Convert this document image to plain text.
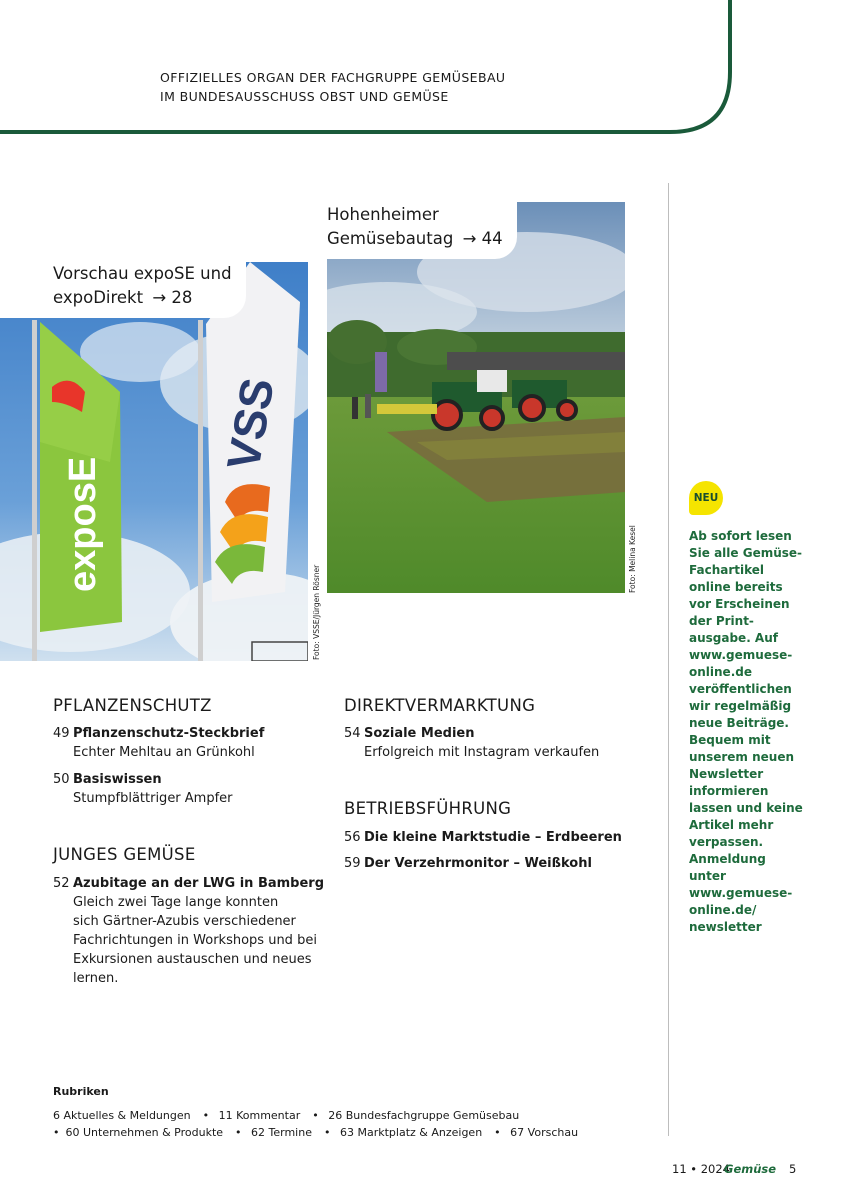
OFFIZIELLES ORGAN DER FACHGRUPPE GEMÜSEBAU
IM BUNDESAUSSCHUSS OBST UND GEMÜSE
exposE
VSS
Vorschau expoSE und
expoDirekt → 28
Foto: VSSE/Jürgen Rösner
Hohenheimer
Gemüsebautag → 44
Foto: Melina Kesel
PFLANZENSCHUTZ
49 Pflanzenschutz-Steckbrief
Echter Mehltau an Grünkohl
50 Basiswissen
Stumpfblättriger Ampfer
JUNGES GEMÜSE
52 Azubitage an der LWG in Bamberg
Gleich zwei Tage lange konnten
sich Gärtner-Azubis verschiedener
Fachrichtungen in Workshops und bei
Exkursionen austauschen und neues
lernen.
DIREKTVERMARKTUNG
54 Soziale Medien
Erfolgreich mit Instagram verkaufen
BETRIEBSFÜHRUNG
56 Die kleine Marktstudie – Erdbeeren
59 Der Verzehrmonitor – Weißkohl
NEU
Ab sofort lesen
Sie alle Gemüse-
Fachartikel
online bereits
vor Erscheinen
der Print-
ausgabe. Auf
www.gemuese-
online.de
veröffentlichen
wir regelmäßig
neue Beiträge.
Bequem mit
unserem neuen
Newsletter
informieren
lassen und keine
Artikel mehr
verpassen.
Anmeldung
unter
www.gemuese-
online.de/
newsletter
Rubriken
6 Aktuelles & Meldungen • 11 Kommentar • 26 Bundesfachgruppe Gemüsebau
• 60 Unternehmen & Produkte • 62 Termine • 63 Marktplatz & Anzeigen • 67 Vorschau
11 • 2024
Gemüse 5
